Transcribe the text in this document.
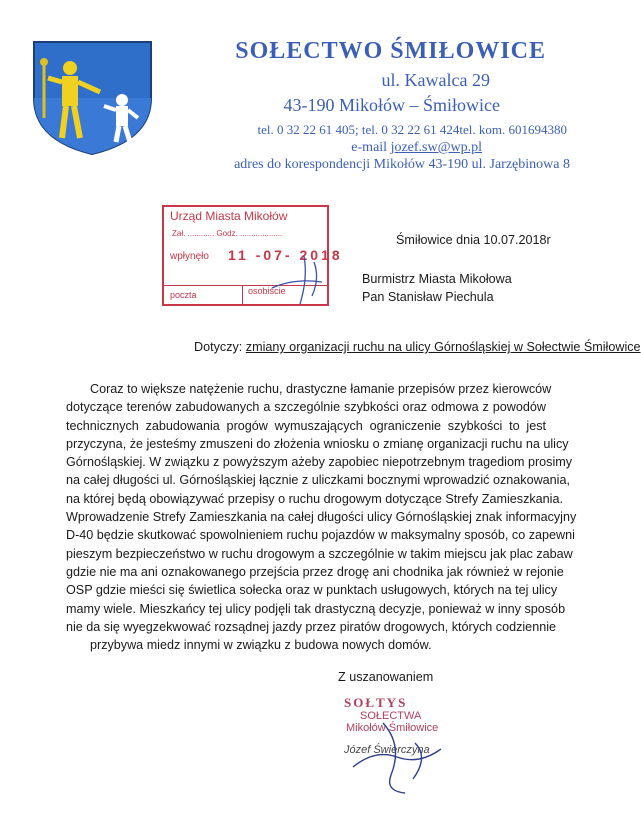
SOŁECTWO ŚMIŁOWICE
ul. Kawalca 29
43-190 Mikołów – Śmiłowice
tel. 0 32 22 61 405; tel. 0 32 22 61 424tel. kom. 601694380
e-mail jozef.sw@wp.pl
adres do korespondencji Mikołów 43-190 ul. Jarzębinowa 8
Urząd Miasta Mikołów
Zał. ............ Godz. ...................
wpłynęło 11 -07- 2018
poczta	osobiście
Śmiłowice dnia 10.07.2018r
Burmistrz Miasta Mikołowa
Pan Stanisław Piechula
Dotyczy: zmiany organizacji ruchu na ulicy Górnośląskiej w Sołectwie Śmiłowice
Coraz to większe natężenie ruchu, drastyczne łamanie przepisów przez kierowców
dotyczące terenów zabudowanych a szczególnie szybkości oraz odmowa z powodów
technicznych zabudowania progów wymuszających ograniczenie szybkości to jest
przyczyna, że jesteśmy zmuszeni do złożenia wniosku o zmianę organizacji ruchu na ulicy
Górnośląskiej. W związku z powyższym ażeby zapobiec niepotrzebnym tragediom prosimy
na całej długości ul. Górnośląskiej łącznie z uliczkami bocznymi wprowadzić oznakowania,
na której będą obowiązywać przepisy o ruchu drogowym dotyczące Strefy Zamieszkania.
Wprowadzenie Strefy Zamieszkania na całej długości ulicy Górnośląskiej znak informacyjny
D-40 będzie skutkować spowolnieniem ruchu pojazdów w maksymalny sposób, co zapewni
pieszym bezpieczeństwo w ruchu drogowym a szczególnie w takim miejscu jak plac zabaw
gdzie nie ma ani oznakowanego przejścia przez drogę ani chodnika jak również w rejonie
OSP gdzie mieści się świetlica sołecka oraz w punktach usługowych, których na tej ulicy
mamy wiele. Mieszkańcy tej ulicy podjęli tak drastyczną decyzje, ponieważ w inny sposób
nie da się wyegzekwować rozsądnej jazdy przez piratów drogowych, których codziennie
przybywa miedz innymi w związku z budowa nowych domów.
Z uszanowaniem
SOŁTYS
SOŁECTWA
Mikołów Śmiłowice
Józef Świerczyna
